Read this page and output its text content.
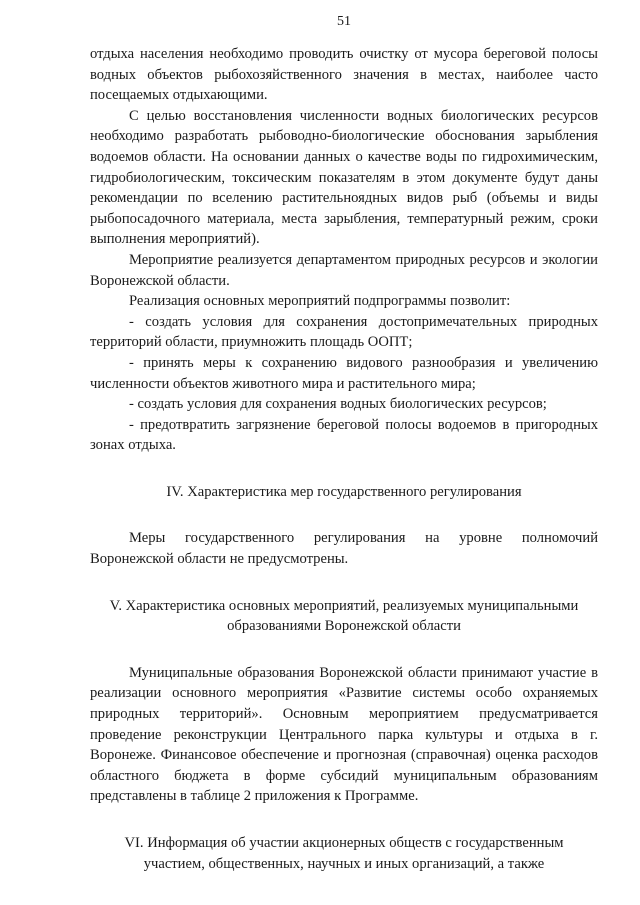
51

отдыха населения необходимо проводить очистку от мусора береговой полосы водных объектов рыбохозяйственного значения в местах, наиболее часто посещаемых отдыхающими.

С целью восстановления численности водных биологических ресурсов необходимо разработать рыбоводно-биологические обоснования зарыбления водоемов области. На основании данных о качестве воды по гидрохимическим, гидробиологическим, токсическим показателям в этом документе будут даны рекомендации по вселению растительноядных видов рыб (объемы и виды рыбопосадочного материала, места зарыбления, температурный режим, сроки выполнения мероприятий).

Мероприятие реализуется департаментом природных ресурсов и экологии Воронежской области.

Реализация основных мероприятий подпрограммы позволит:

- создать условия для сохранения достопримечательных природных территорий области, приумножить площадь ООПТ;

- принять меры к сохранению видового разнообразия и увеличению численности объектов животного мира и растительного мира;

- создать условия для сохранения водных биологических ресурсов;

- предотвратить загрязнение береговой полосы водоемов в пригородных зонах отдыха.

IV. Характеристика мер государственного регулирования

Меры государственного регулирования на уровне полномочий Воронежской области не предусмотрены.

V. Характеристика основных мероприятий, реализуемых муниципальными

образованиями Воронежской области

Муниципальные образования Воронежской области принимают участие в реализации основного мероприятия «Развитие системы особо охраняемых природных территорий». Основным мероприятием предусматривается проведение реконструкции Центрального парка культуры и отдыха в г. Воронеже. Финансовое обеспечение и прогнозная (справочная) оценка расходов областного бюджета в форме субсидий муниципальным образованиям представлены в таблице 2 приложения к Программе.

VI. Информация об участии акционерных обществ с государственным

участием, общественных, научных и иных организаций, а также
